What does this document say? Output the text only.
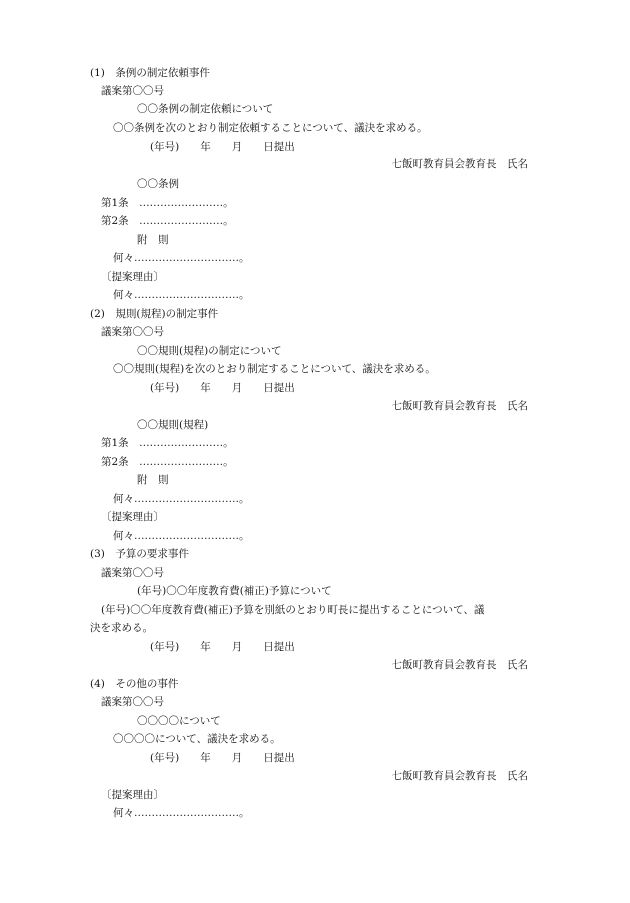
(1)　条例の制定依頼事件
議案第〇〇号
〇〇条例の制定依頼について
〇〇条例を次のとおり制定依頼することについて、議決を求める。
(年号)　　年　　月　　日提出
七飯町教育員会教育長　氏名
〇〇条例
第1条　……………………。
第2条　……………………。
附　則
何々…………………………。
〔提案理由〕
何々…………………………。
(2)　規則(規程)の制定事件
議案第〇〇号
〇〇規則(規程)の制定について
〇〇規則(規程)を次のとおり制定することについて、議決を求める。
(年号)　　年　　月　　日提出
七飯町教育員会教育長　氏名
〇〇規則(規程)
第1条　……………………。
第2条　……………………。
附　則
何々…………………………。
〔提案理由〕
何々…………………………。
(3)　予算の要求事件
議案第〇〇号
(年号)〇〇年度教育費(補正)予算について
(年号)〇〇年度教育費(補正)予算を別紙のとおり町長に提出することについて、議
決を求める。
(年号)　　年　　月　　日提出
七飯町教育員会教育長　氏名
(4)　その他の事件
議案第〇〇号
〇〇〇〇について
〇〇〇〇について、議決を求める。
(年号)　　年　　月　　日提出
七飯町教育員会教育長　氏名
〔提案理由〕
何々…………………………。
